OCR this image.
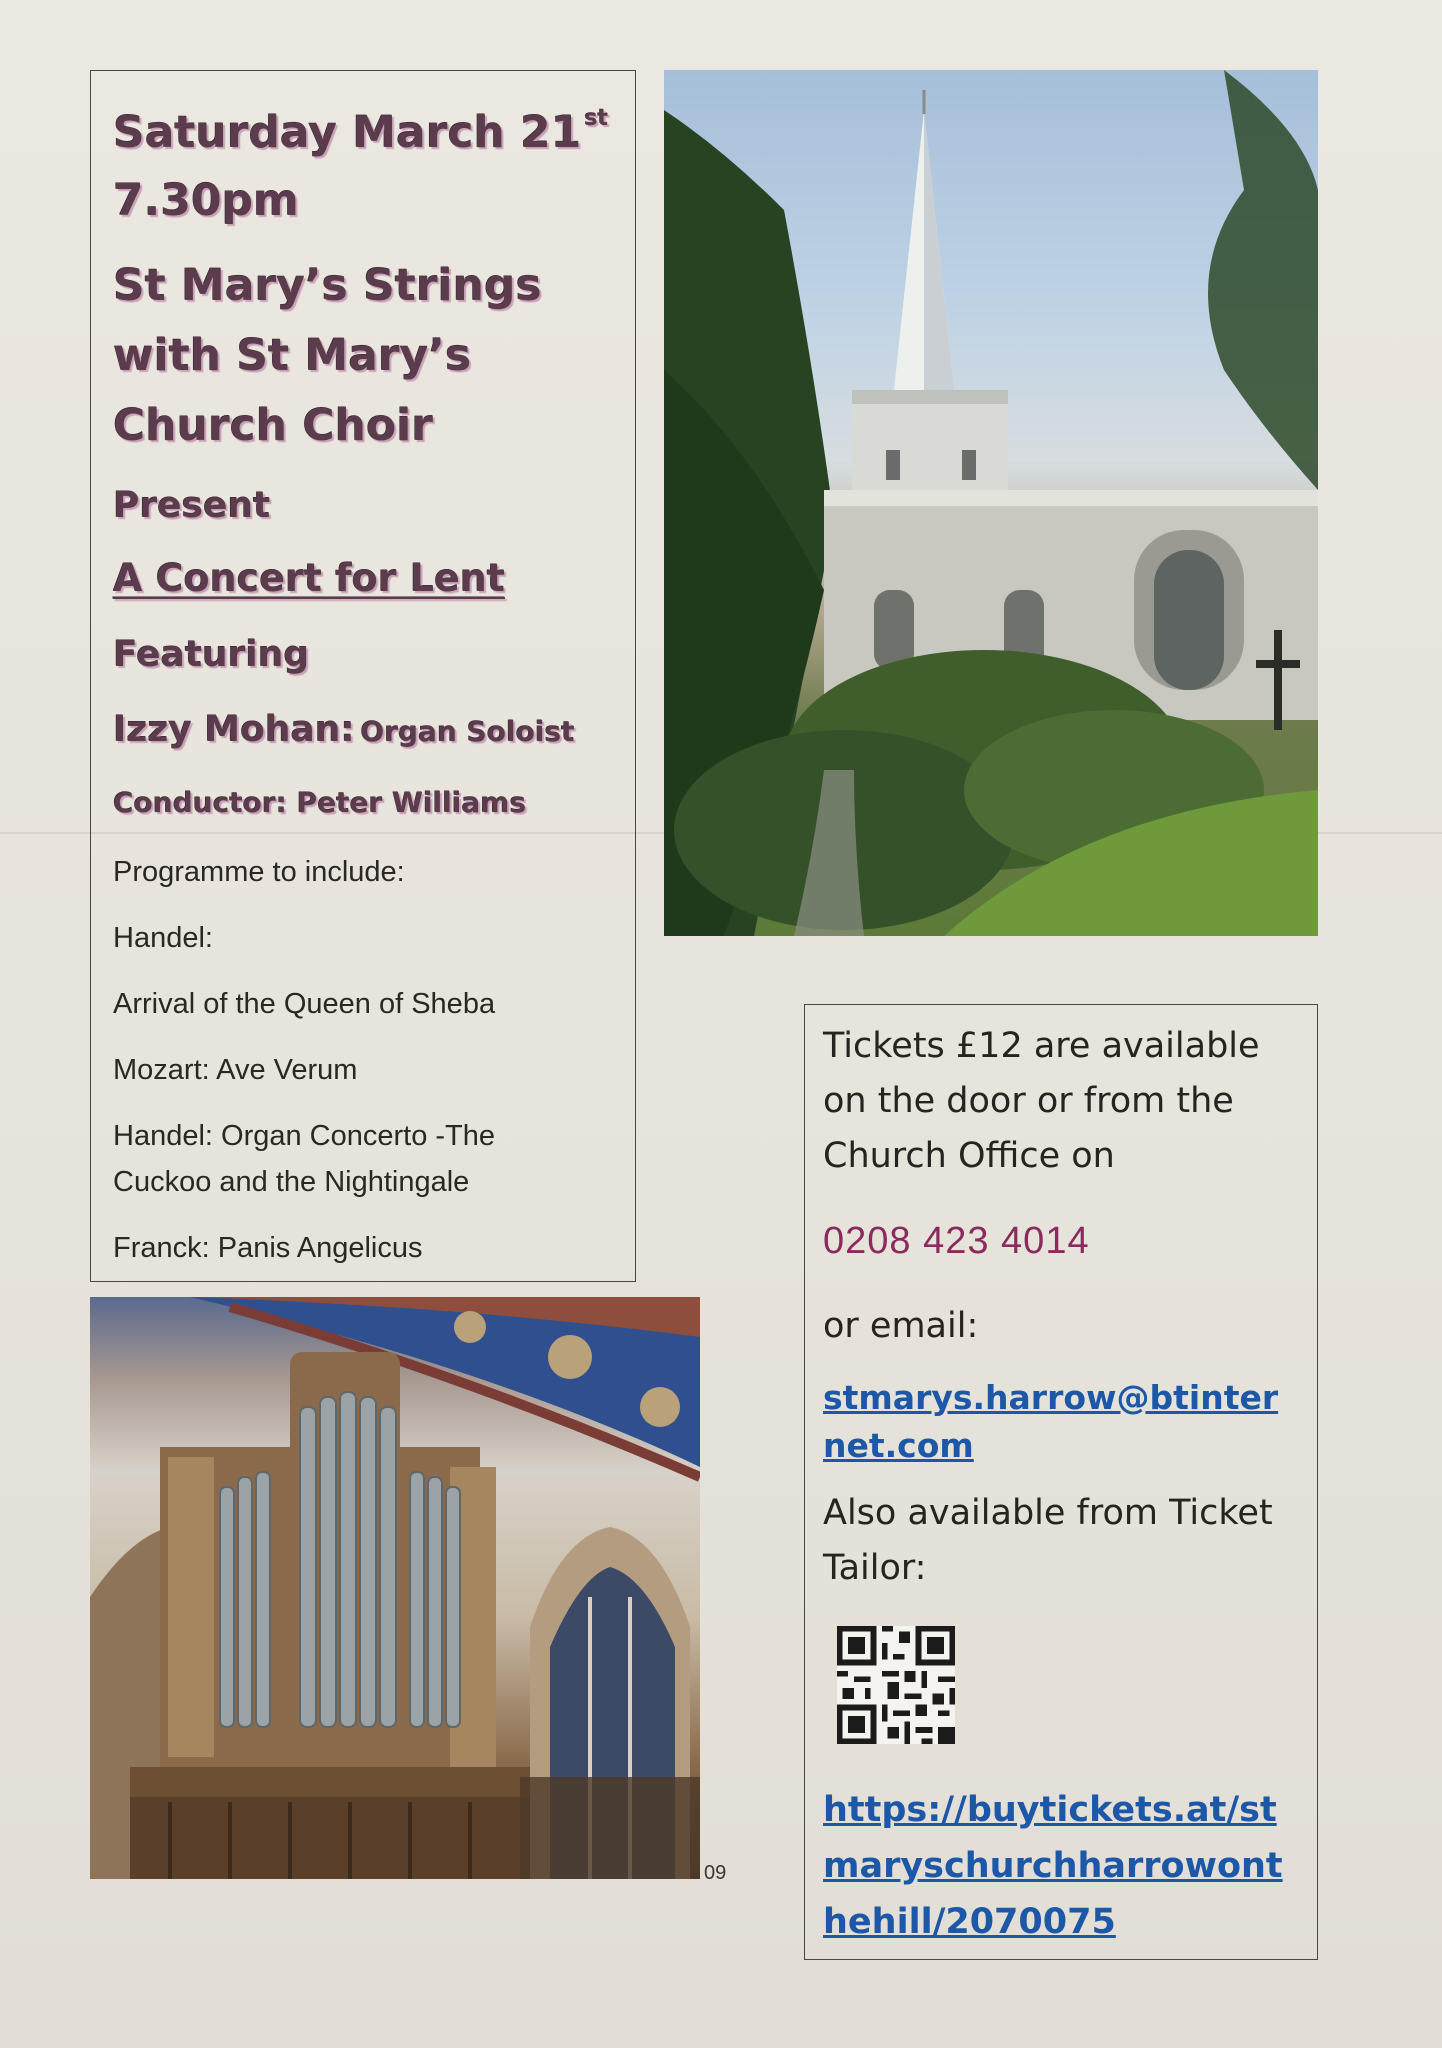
Saturday March 21 $^{st}$

7.30pm

St Mary’s Strings
with St Mary’s
Church Choir

Present

A Concert for Lent

Featuring

Izzy Mohan: Organ Soloist

Conductor: Peter Williams

Programme to include:

Handel:

Arrival of the Queen of Sheba

Mozart: Ave Verum

Handel: Organ Concerto -The

Cuckoo and the Nightingale

Franck: Panis Angelicus

09

Tickets £12 are available

on the door or from the

Church Office on

0208 423 4014

or email:

stmarys.harrow@btinternet.com

Also available from Ticket

Tailor:

https://buytickets.at/stmaryschurchharrowonthehill/2070075
